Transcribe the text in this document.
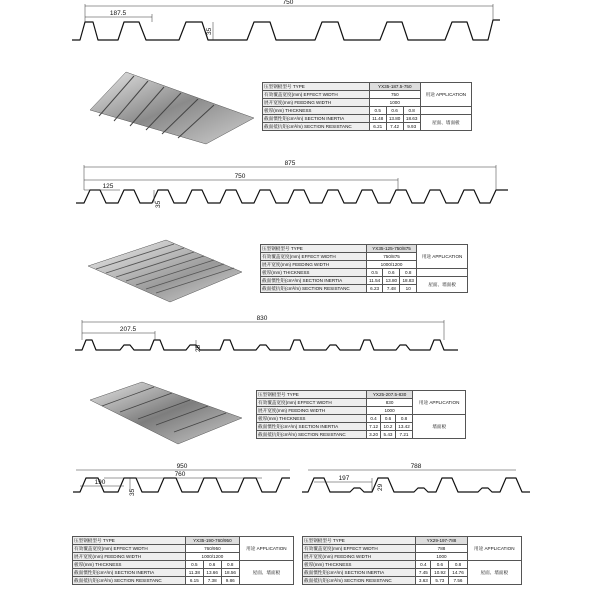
750
187.5
35
875
750
125
35
830
207.5
25
950
760
190
35
788
197
29
压型钢板型号 TYPE	YX35-187.5-750			用途 APPLICATION
有效覆盖宽度(mm) EFFECT WIDTH	750			
展开宽度(mm) FEEDING WIDTH	1000			
板厚(mm) THICKNESS	0.5	0.6	0.8	
截面惯性矩(cm⁴/m) SECTION INERTIA	11.48	13.80	18.63	屋面、墙面板
截面抵抗矩(cm³/m) SECTION RESISTANC	6.21	7.42	9.93	
压型钢板型号 TYPE	YX35-125-750/875			用途 APPLICATION
有效覆盖宽度(mm) EFFECT WIDTH	750/875			
展开宽度(mm) FEEDING WIDTH	1000/1200			
板厚(mm) THICKNESS	0.5	0.6	0.8	
截面惯性矩(cm⁴/m) SECTION INERTIA	11.54	13.80	18.83	屋面、墙面板
截面抵抗矩(cm³/m) SECTION RESISTANC	6.23	7.48	10	
压型钢板型号 TYPE	YX25-207.5-830			用途 APPLICATION
有效覆盖宽度(mm) EFFECT WIDTH	830			
展开宽度(mm) FEEDING WIDTH	1000			
板厚(mm) THICKNESS	0.4	0.6	0.8	墙面板
截面惯性矩(cm⁴/m) SECTION INERTIA	7.12	10.2	13.42	
截面抵抗矩(cm³/m) SECTION RESISTANC	3.20	5.43	7.21	
压型钢板型号 TYPE	YX35-190-760/950			用途 APPLICATION
有效覆盖宽度(mm) EFFECT WIDTH	760/950			
展开宽度(mm) FEEDING WIDTH	1000/1200			
板厚(mm) THICKNESS	0.5	0.6	0.8	屋面、墙面板
截面惯性矩(cm⁴/m) SECTION INERTIA	11.38	13.66	18.56	
截面抵抗矩(cm³/m) SECTION RESISTANC	6.15	7.38	9.86	
压型钢板型号 TYPE	YX29-197-788			用途 APPLICATION
有效覆盖宽度(mm) EFFECT WIDTH	788			
展开宽度(mm) FEEDING WIDTH	1000			
板厚(mm) THICKNESS	0.4	0.6	0.8	屋面、墙面板
截面惯性矩(cm⁴/m) SECTION INERTIA	7.45	10.92	14.76	
截面抵抗矩(cm³/m) SECTION RESISTANC	3.63	5.73	7.56	
